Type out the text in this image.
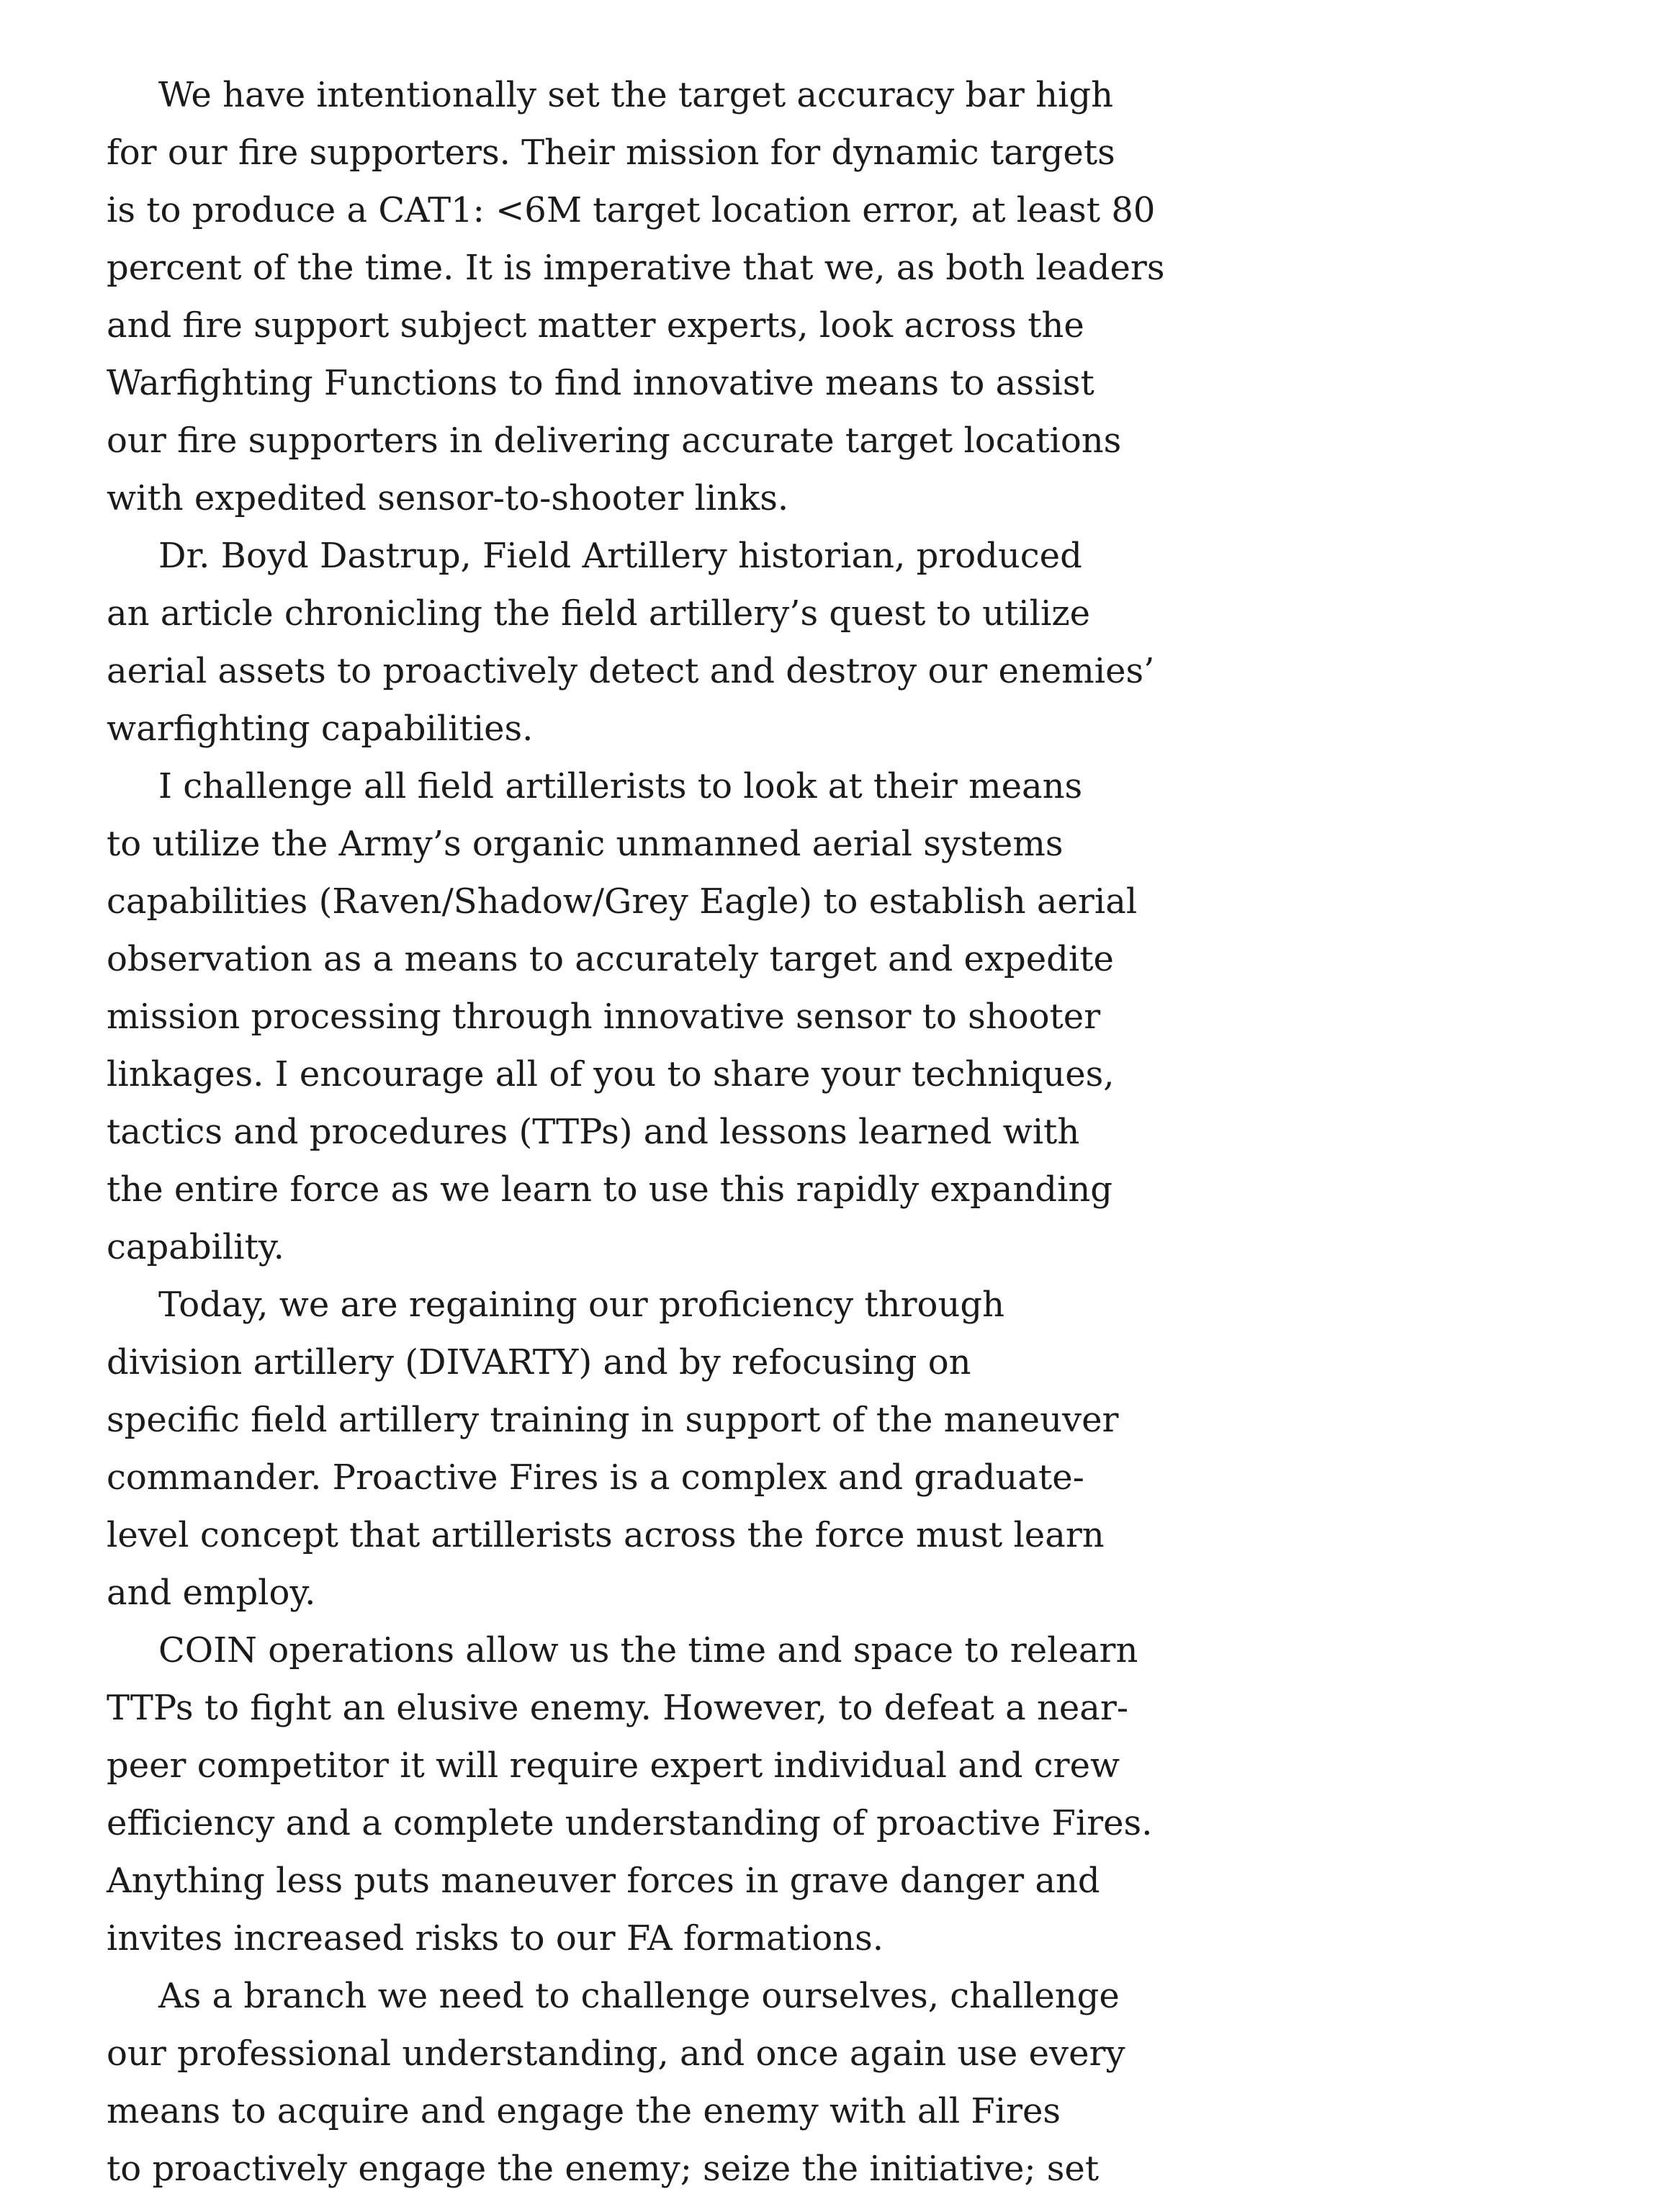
We have intentionally set the target accuracy bar high
for our fire supporters. Their mission for dynamic targets
is to produce a CAT1: <6M target location error, at least 80
percent of the time. It is imperative that we, as both leaders
and fire support subject matter experts, look across the
Warfighting Functions to find innovative means to assist
our fire supporters in delivering accurate target locations
with expedited sensor-to-shooter links.

Dr. Boyd Dastrup, Field Artillery historian, produced
an article chronicling the field artillery’s quest to utilize
aerial assets to proactively detect and destroy our enemies’
warfighting capabilities.

I challenge all field artillerists to look at their means
to utilize the Army’s organic unmanned aerial systems
capabilities (Raven/Shadow/Grey Eagle) to establish aerial
observation as a means to accurately target and expedite
mission processing through innovative sensor to shooter
linkages. I encourage all of you to share your techniques,
tactics and procedures (TTPs) and lessons learned with
the entire force as we learn to use this rapidly expanding
capability.

Today, we are regaining our proficiency through
division artillery (DIVARTY) and by refocusing on
specific field artillery training in support of the maneuver
commander. Proactive Fires is a complex and graduate-
level concept that artillerists across the force must learn
and employ.

COIN operations allow us the time and space to relearn
TTPs to fight an elusive enemy. However, to defeat a near-
peer competitor it will require expert individual and crew
efficiency and a complete understanding of proactive Fires.
Anything less puts maneuver forces in grave danger and
invites increased risks to our FA formations.

As a branch we need to challenge ourselves, challenge
our professional understanding, and once again use every
means to acquire and engage the enemy with all Fires
to proactively engage the enemy; seize the initiative; set
